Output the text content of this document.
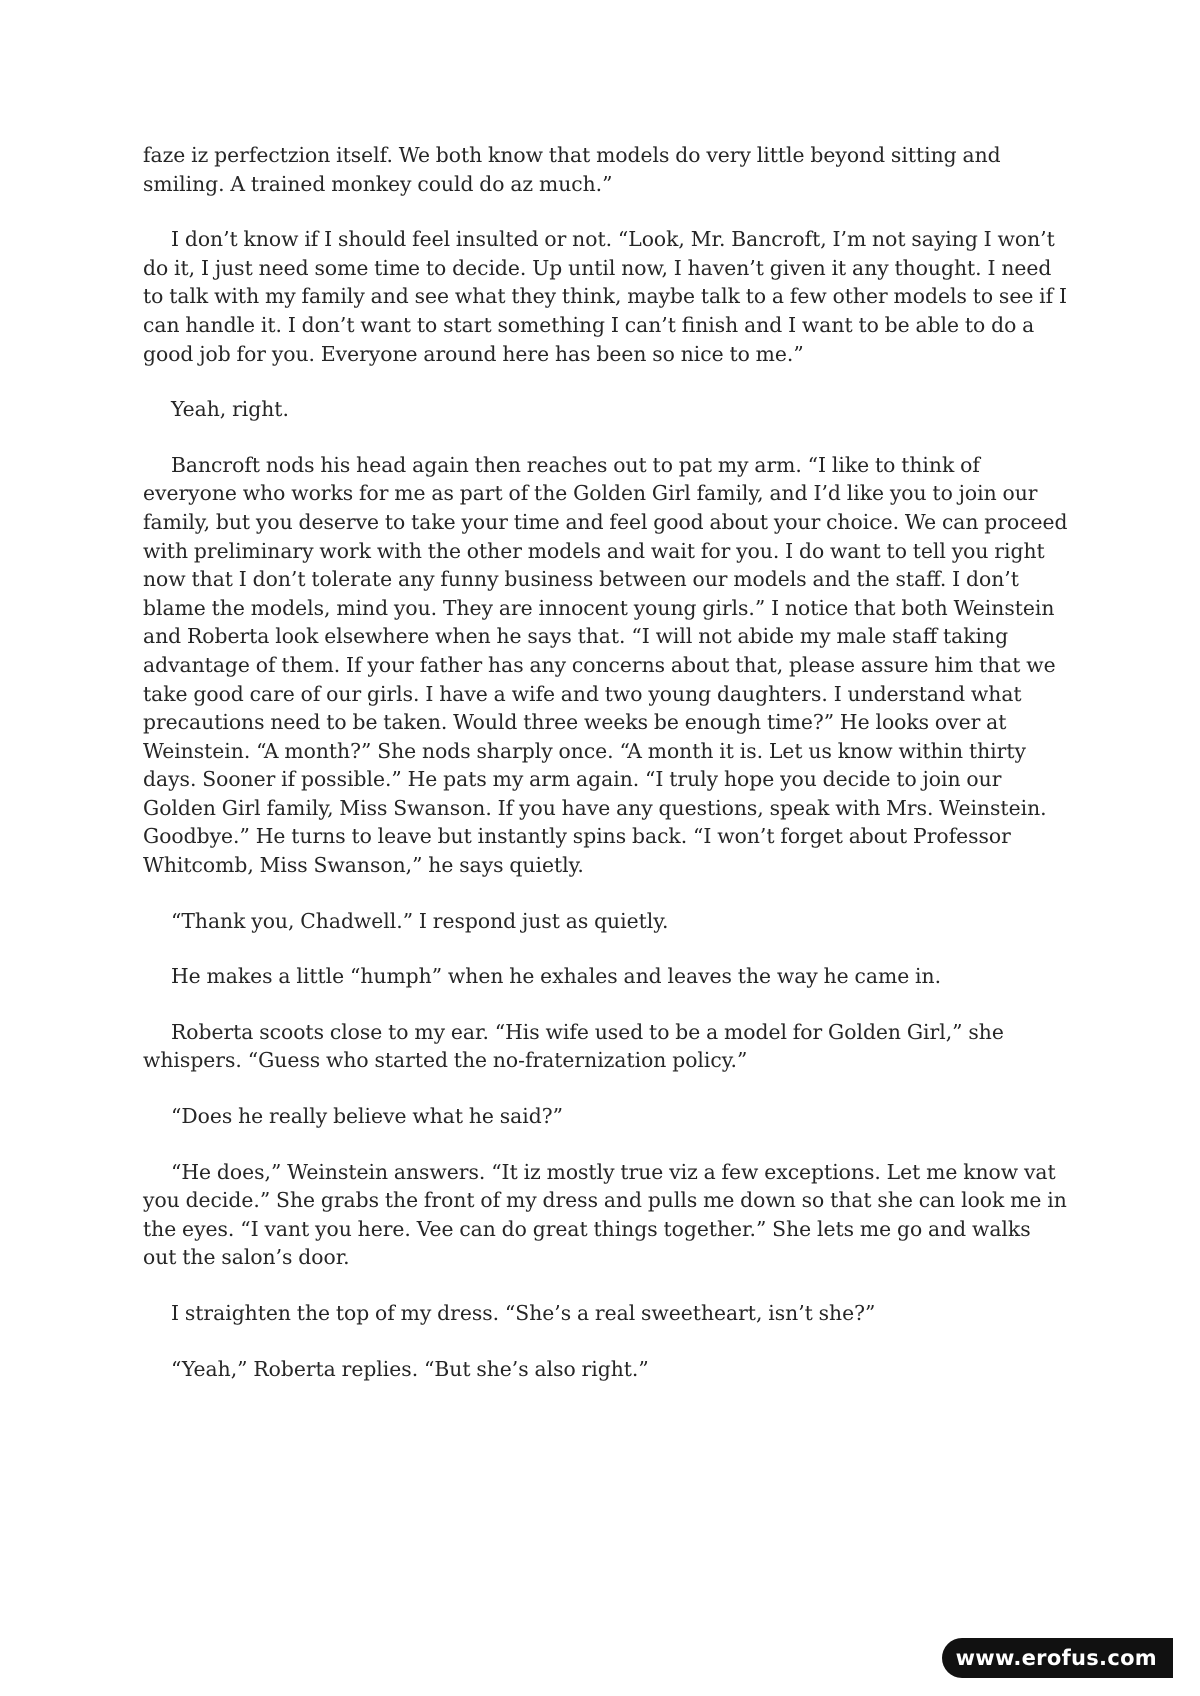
faze iz perfectzion itself. We both know that models do very little beyond sitting and smiling. A trained monkey could do az much.”

I don’t know if I should feel insulted or not. “Look, Mr. Bancroft, I’m not saying I won’t do it, I just need some time to decide. Up until now, I haven’t given it any thought. I need to talk with my family and see what they think, maybe talk to a few other models to see if I can handle it. I don’t want to start something I can’t finish and I want to be able to do a good job for you. Everyone around here has been so nice to me.”

Yeah, right.

Bancroft nods his head again then reaches out to pat my arm. “I like to think of everyone who works for me as part of the Golden Girl family, and I’d like you to join our family, but you deserve to take your time and feel good about your choice. We can proceed with preliminary work with the other models and wait for you. I do want to tell you right now that I don’t tolerate any funny business between our models and the staff. I don’t blame the models, mind you. They are innocent young girls.” I notice that both Weinstein and Roberta look elsewhere when he says that. “I will not abide my male staff taking advantage of them. If your father has any concerns about that, please assure him that we take good care of our girls. I have a wife and two young daughters. I understand what precautions need to be taken. Would three weeks be enough time?” He looks over at Weinstein. “A month?” She nods sharply once. “A month it is. Let us know within thirty days. Sooner if possible.” He pats my arm again. “I truly hope you decide to join our Golden Girl family, Miss Swanson. If you have any questions, speak with Mrs. Weinstein. Goodbye.” He turns to leave but instantly spins back. “I won’t forget about Professor Whitcomb, Miss Swanson,” he says quietly.

“Thank you, Chadwell.” I respond just as quietly.

He makes a little “humph” when he exhales and leaves the way he came in.

Roberta scoots close to my ear. “His wife used to be a model for Golden Girl,” she whispers. “Guess who started the no-fraternization policy.”

“Does he really believe what he said?”

“He does,” Weinstein answers. “It iz mostly true viz a few exceptions. Let me know vat you decide.” She grabs the front of my dress and pulls me down so that she can look me in the eyes. “I vant you here. Vee can do great things together.” She lets me go and walks out the salon’s door.

I straighten the top of my dress. “She’s a real sweetheart, isn’t she?”

“Yeah,” Roberta replies. “But she’s also right.”

www.erofus.com
